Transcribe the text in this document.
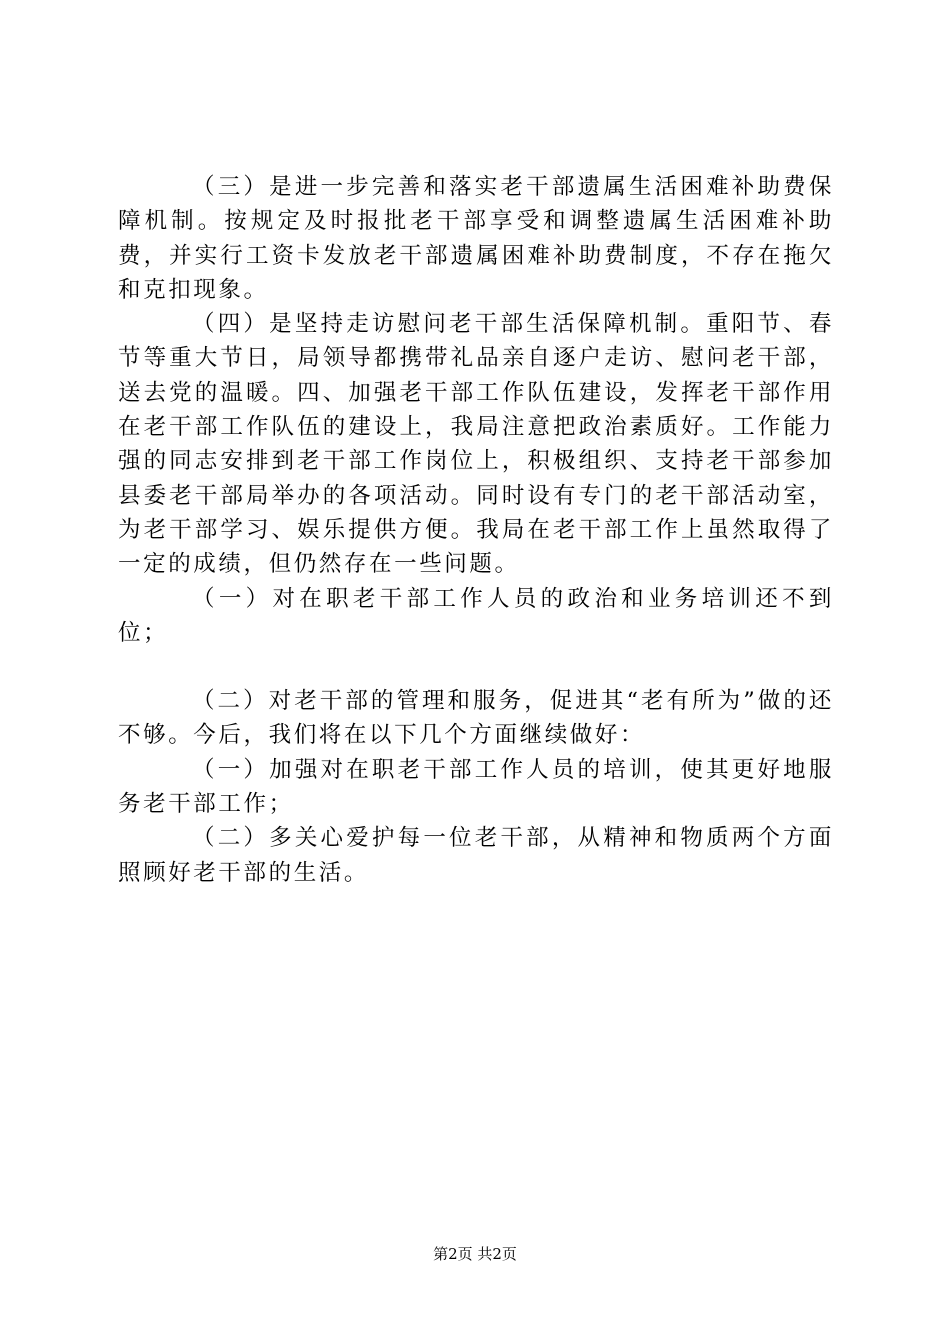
（三）是进一步完善和落实老干部遗属生活困难补助费保障机制。按规定及时报批老干部享受和调整遗属生活困难补助费，并实行工资卡发放老干部遗属困难补助费制度，不存在拖欠和克扣现象。

（四）是坚持走访慰问老干部生活保障机制。重阳节、春节等重大节日，局领导都携带礼品亲自逐户走访、慰问老干部，送去党的温暖。四、加强老干部工作队伍建设，发挥老干部作用在老干部工作队伍的建设上，我局注意把政治素质好。工作能力强的同志安排到老干部工作岗位上，积极组织、支持老干部参加县委老干部局举办的各项活动。同时设有专门的老干部活动室，为老干部学习、娱乐提供方便。我局在老干部工作上虽然取得了一定的成绩，但仍然存在一些问题。

（一）对在职老干部工作人员的政治和业务培训还不到位；

（二）对老干部的管理和服务，促进其“老有所为”做的还不够。今后，我们将在以下几个方面继续做好：

（一）加强对在职老干部工作人员的培训，使其更好地服务老干部工作；

（二）多关心爱护每一位老干部，从精神和物质两个方面照顾好老干部的生活。

第2页 共2页
